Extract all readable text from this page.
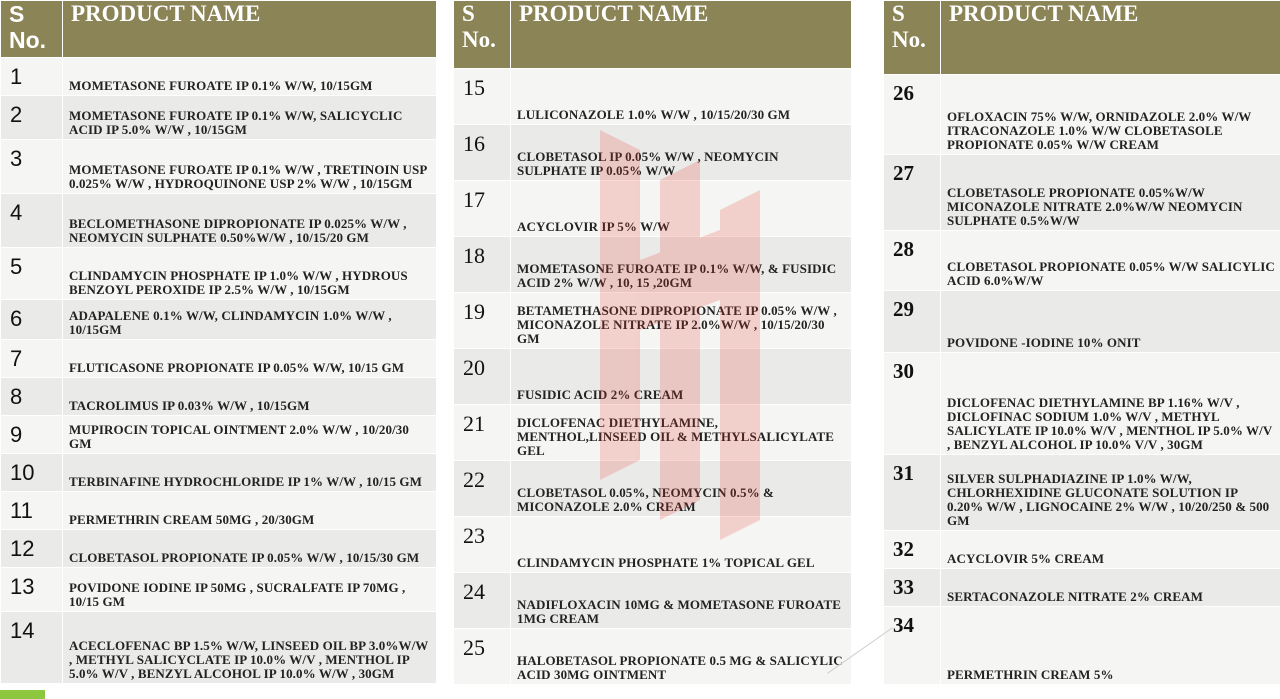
S No.	PRODUCT NAME
1	MOMETASONE FUROATE IP 0.1% W/W, 10/15GM
2	MOMETASONE FUROATE IP 0.1% W/W, SALICYCLIC ACID IP 5.0% W/W , 10/15GM
3	MOMETASONE FUROATE IP 0.1% W/W , TRETINOIN USP 0.025% W/W , HYDROQUINONE USP 2% W/W , 10/15GM
4	BECLOMETHASONE DIPROPIONATE IP 0.025% W/W , NEOMYCIN SULPHATE 0.50%W/W , 10/15/20 GM
5	CLINDAMYCIN PHOSPHATE IP 1.0% W/W , HYDROUS BENZOYL PEROXIDE IP 2.5% W/W , 10/15GM
6	ADAPALENE 0.1% W/W, CLINDAMYCIN 1.0% W/W , 10/15GM
7	FLUTICASONE PROPIONATE IP 0.05% W/W, 10/15 GM
8	TACROLIMUS IP 0.03% W/W , 10/15GM
9	MUPIROCIN TOPICAL OINTMENT 2.0% W/W , 10/20/30 GM
10	TERBINAFINE HYDROCHLORIDE IP 1% W/W , 10/15 GM
11	PERMETHRIN CREAM 50MG , 20/30GM
12	CLOBETASOL PROPIONATE IP 0.05% W/W , 10/15/30 GM
13	POVIDONE IODINE IP 50MG , SUCRALFATE IP 70MG , 10/15 GM
14	ACECLOFENAC BP 1.5% W/W, LINSEED OIL BP 3.0%W/W , METHYL SALICYCLATE IP 10.0% W/V , MENTHOL IP 5.0% W/V , BENZYL ALCOHOL IP 10.0% W/W , 30GM
S No.	PRODUCT NAME
15	LULICONAZOLE 1.0% W/W , 10/15/20/30 GM
16	CLOBETASOL IP 0.05% W/W , NEOMYCIN SULPHATE IP 0.05% W/W
17	ACYCLOVIR IP 5% W/W
18	MOMETASONE FUROATE IP 0.1% W/W, & FUSIDIC ACID 2% W/W , 10, 15 ,20GM
19	BETAMETHASONE DIPROPIONATE IP 0.05% W/W , MICONAZOLE NITRATE IP 2.0%W/W , 10/15/20/30 GM
20	FUSIDIC ACID 2% CREAM
21	DICLOFENAC DIETHYLAMINE, MENTHOL,LINSEED OIL & METHYLSALICYLATE GEL
22	CLOBETASOL 0.05%, NEOMYCIN 0.5% & MICONAZOLE 2.0% CREAM
23	CLINDAMYCIN PHOSPHATE 1% TOPICAL GEL
24	NADIFLOXACIN 10MG & MOMETASONE FUROATE 1MG CREAM
25	HALOBETASOL PROPIONATE 0.5 MG & SALICYLIC ACID 30MG OINTMENT
S No.	PRODUCT NAME
26	OFLOXACIN 75% W/W, ORNIDAZOLE 2.0% W/W ITRACONAZOLE 1.0% W/W CLOBETASOLE PROPIONATE 0.05% W/W CREAM
27	CLOBETASOLE PROPIONATE 0.05%W/W MICONAZOLE NITRATE 2.0%W/W NEOMYCIN SULPHATE 0.5%W/W
28	CLOBETASOL PROPIONATE 0.05% W/W SALICYLIC ACID 6.0%W/W
29	POVIDONE -IODINE 10% ONIT
30	DICLOFENAC DIETHYLAMINE BP 1.16% W/V , DICLOFINAC SODIUM 1.0% W/V , METHYL SALICYLATE IP 10.0% W/V , MENTHOL IP 5.0% W/V , BENZYL ALCOHOL IP 10.0% V/V , 30GM
31	SILVER SULPHADIAZINE IP 1.0% W/W, CHLORHEXIDINE GLUCONATE SOLUTION IP 0.20% W/W , LIGNOCAINE 2% W/W , 10/20/250 & 500 GM
32	ACYCLOVIR 5% CREAM
33	SERTACONAZOLE NITRATE 2% CREAM
34	PERMETHRIN CREAM 5%
